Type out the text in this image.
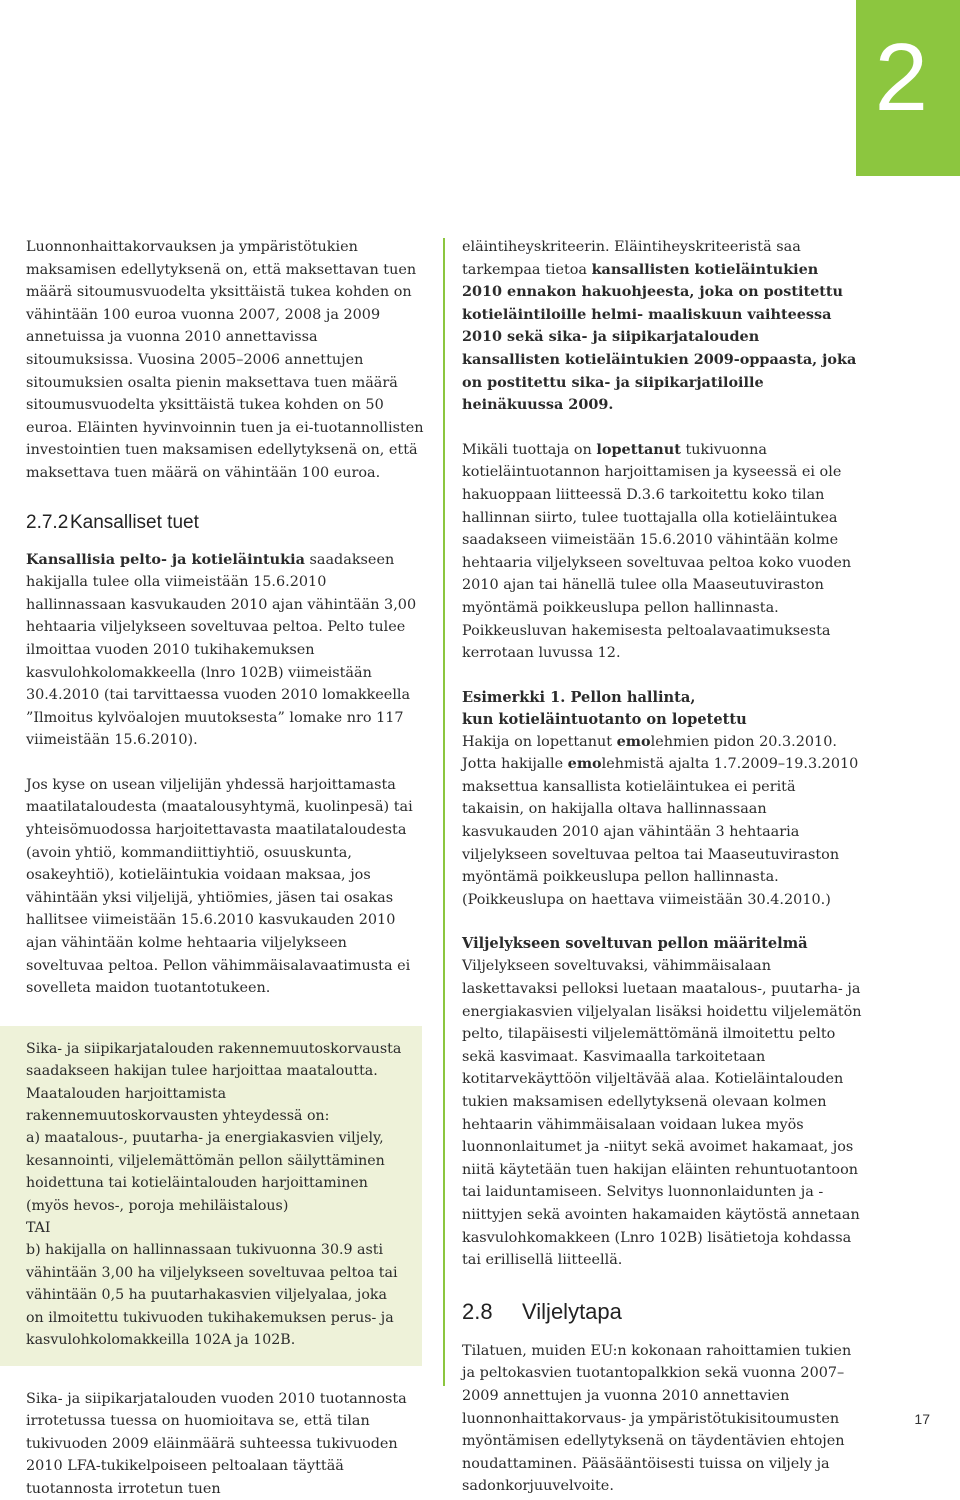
2

Luonnonhaittakorvauksen ja ympäristötukien maksamisen edellytyksenä on, että maksettavan tuen määrä sitoumusvuodelta yksittäistä tukea kohden on vähintään 100 euroa vuonna 2007, 2008 ja 2009 annetuissa ja vuonna 2010 annettavissa sitoumuksissa. Vuosina 2005–2006 annettujen sitoumuksien osalta pienin maksettava tuen määrä sitoumusvuodelta yksittäistä tukea kohden on 50 euroa. Eläinten hyvinvoinnin tuen ja ei-tuotannollisten investointien tuen maksamisen edellytyksenä on, että maksettava tuen määrä on vähintään 100 euroa.

2.7.2Kansalliset tuet

Kansallisia pelto- ja kotieläintukia saadakseen hakijalla tulee olla viimeistään 15.6.2010 hallinnassaan kasvukauden 2010 ajan vähintään 3,00 hehtaaria viljelykseen soveltuvaa peltoa. Pelto tulee ilmoittaa vuoden 2010 tukihakemuksen kasvulohkolomakkeella (lnro 102B) viimeistään 30.4.2010 (tai tarvittaessa vuoden 2010 lomakkeella ”Ilmoitus kylvöalojen muutoksesta” lomake nro 117 viimeistään 15.6.2010).

Jos kyse on usean viljelijän yhdessä harjoittamasta maatilataloudesta (maatalousyhtymä, kuolinpesä) tai yhteisömuodossa harjoitettavasta maatilataloudesta (avoin yhtiö, kommandiittiyhtiö, osuuskunta, osakeyhtiö), kotieläintukia voidaan maksaa, jos vähintään yksi viljelijä, yhtiömies, jäsen tai osakas hallitsee viimeistään 15.6.2010 kasvukauden 2010 ajan vähintään kolme hehtaaria viljelykseen soveltuvaa peltoa. Pellon vähimmäisalavaatimusta ei sovelleta maidon tuotantotukeen.

Sika- ja siipikarjatalouden rakennemuutoskorvausta saadakseen hakijan tulee harjoittaa maataloutta. Maatalouden harjoittamista rakennemuutoskorvausten yhteydessä on:

a) maatalous-, puutarha- ja energiakasvien viljely, kesannointi, viljelemättömän pellon säilyttäminen hoidettuna tai kotieläintalouden harjoittaminen (myös hevos-, poroja mehiläistalous)

TAI

b) hakijalla on hallinnassaan tukivuonna 30.9 asti vähintään 3,00 ha viljelykseen soveltuvaa peltoa tai vähintään 0,5 ha puutarhakasvien viljelyalaa, joka on ilmoitettu tukivuoden tukihakemuksen perus- ja kasvulohkolomakkeilla 102A ja 102B.

Sika- ja siipikarjatalouden vuoden 2010 tuotannosta irrotetussa tuessa on huomioitava se, että tilan tukivuoden 2009 eläinmäärä suhteessa tukivuoden 2010 LFA-tukikelpoiseen peltoalaan täyttää tuotannosta irrotetun tuen

eläintiheyskriteerin. Eläintiheyskriteeristä saa tarkempaa tietoa kansallisten kotieläintukien 2010 ennakon hakuohjeesta, joka on postitettu kotieläintiloille helmi- maaliskuun vaihteessa 2010 sekä sika- ja siipikarjatalouden kansallisten kotieläintukien 2009-oppaasta, joka on postitettu sika- ja siipikarjatiloille heinäkuussa 2009.

Mikäli tuottaja on lopettanut tukivuonna kotieläintuotannon harjoittamisen ja kyseessä ei ole hakuoppaan liitteessä D.3.6 tarkoitettu koko tilan hallinnan siirto, tulee tuottajalla olla kotieläintukea saadakseen viimeistään 15.6.2010 vähintään kolme hehtaaria viljelykseen soveltuvaa peltoa koko vuoden 2010 ajan tai hänellä tulee olla Maaseutuviraston myöntämä poikkeuslupa pellon hallinnasta. Poikkeusluvan hakemisesta peltoalavaatimuksesta kerrotaan luvussa 12.

Esimerkki 1. Pellon hallinta,
kun kotieläintuotanto on lopetettu

Hakija on lopettanut emolehmien pidon 20.3.2010. Jotta hakijalle emolehmistä ajalta 1.7.2009–19.3.2010 maksettua kansallista kotieläintukea ei peritä takaisin, on hakijalla oltava hallinnassaan kasvukauden 2010 ajan vähintään 3 hehtaaria viljelykseen soveltuvaa peltoa tai Maaseutuviraston myöntämä poikkeuslupa pellon hallinnasta. (Poikkeuslupa on haettava viimeistään 30.4.2010.)

Viljelykseen soveltuvan pellon määritelmä

Viljelykseen soveltuvaksi, vähimmäisalaan laskettavaksi pelloksi luetaan maatalous-, puutarha- ja energiakasvien viljelyalan lisäksi hoidettu viljelemätön pelto, tilapäisesti viljelemättömänä ilmoitettu pelto sekä kasvimaat. Kasvimaalla tarkoitetaan kotitarvekäyttöön viljeltävää alaa. Kotieläintalouden tukien maksamisen edellytyksenä olevaan kolmen hehtaarin vähimmäisalaan voidaan lukea myös luonnonlaitumet ja -niityt sekä avoimet hakamaat, jos niitä käytetään tuen hakijan eläinten rehuntuotantoon tai laiduntamiseen. Selvitys luonnonlaidunten ja -niittyjen sekä avointen hakamaiden käytöstä annetaan kasvulohkomakkeen (Lnro 102B) lisätietoja kohdassa tai erillisellä liitteellä.

2.8 Viljelytapa

Tilatuen, muiden EU:n kokonaan rahoittamien tukien ja peltokasvien tuotantopalkkion sekä vuonna 2007–2009 annettujen ja vuonna 2010 annettavien luonnonhaittakorvaus- ja ympäristötukisitoumusten myöntämisen edellytyksenä on täydentävien ehtojen noudattaminen. Pääsääntöisesti tuissa on viljely ja sadonkorjuuvelvoite.

17
